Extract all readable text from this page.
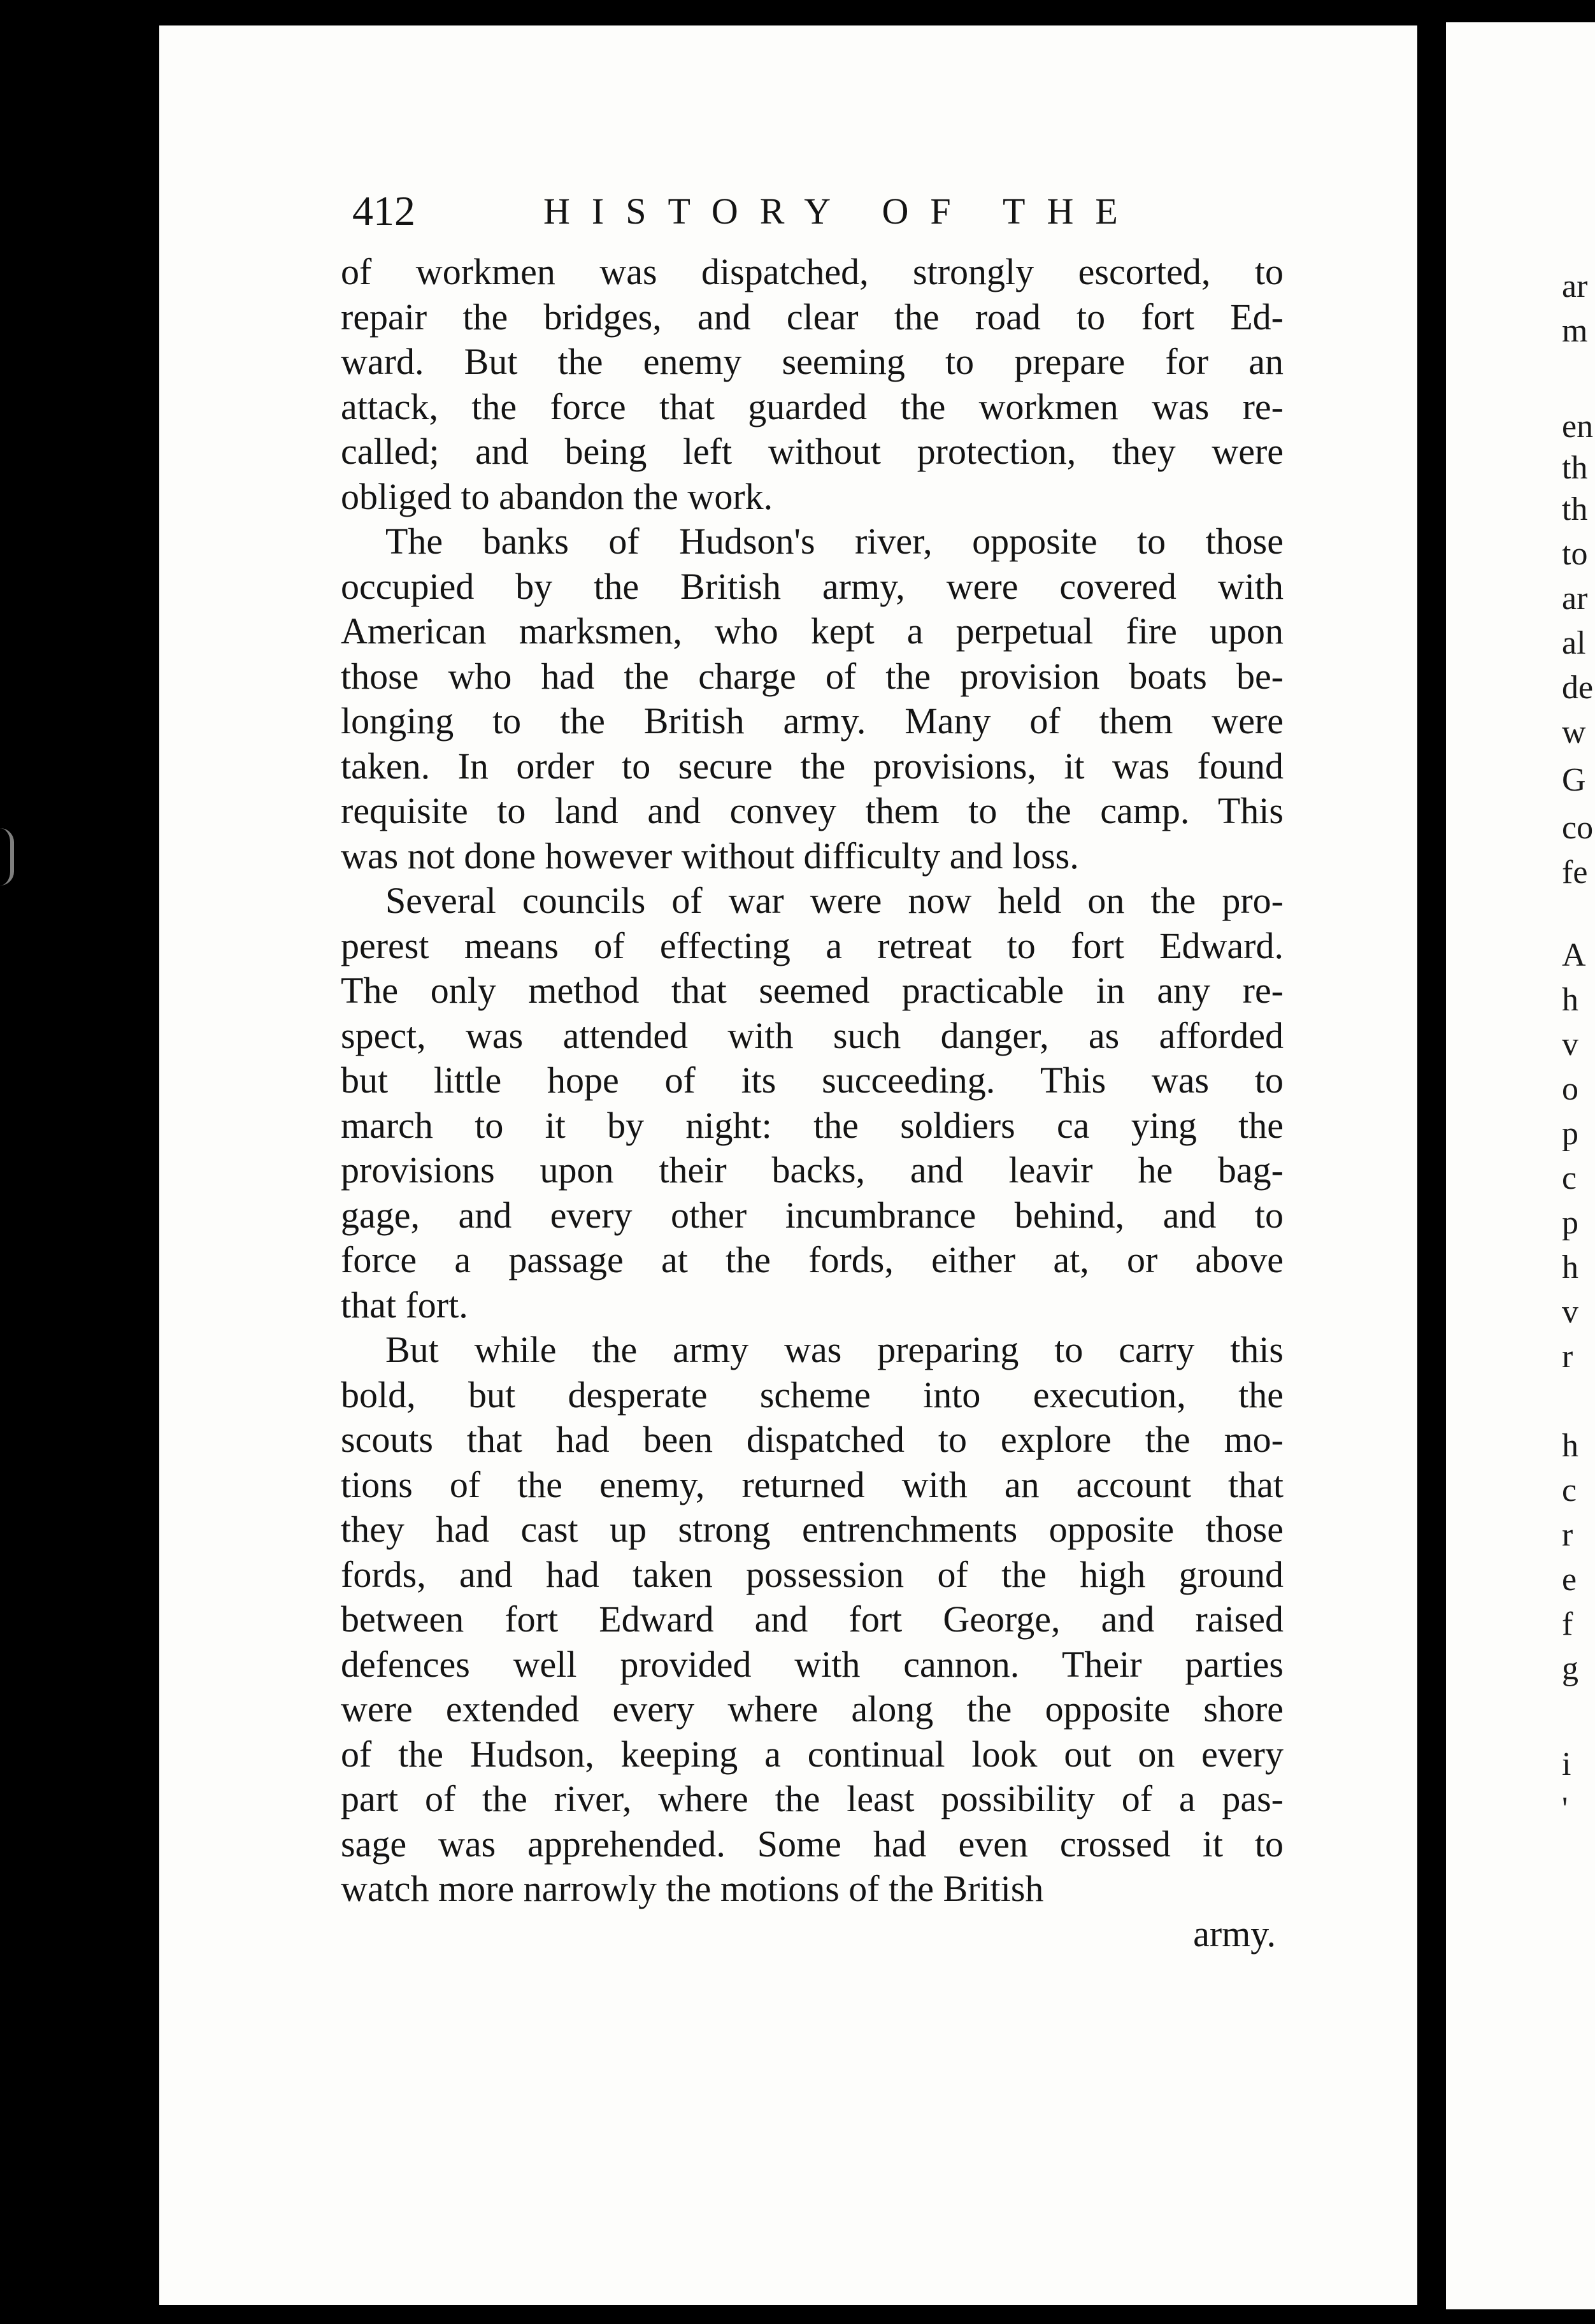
412	HISTORY OF THE
of workmen was dispatched, strongly escorted, to
repair the bridges, and clear the road to fort Ed-
ward. But the enemy seeming to prepare for an
attack, the force that guarded the workmen was re-
called; and being left without protection, they were
obliged to abandon the work.
The banks of Hudson's river, opposite to those
occupied by the British army, were covered with
American marksmen, who kept a perpetual fire upon
those who had the charge of the provision boats be-
longing to the British army. Many of them were
taken. In order to secure the provisions, it was found
requisite to land and convey them to the camp. This
was not done however without difficulty and loss.
Several councils of war were now held on the pro-
perest means of effecting a retreat to fort Edward.
The only method that seemed practicable in any re-
spect, was attended with such danger, as afforded
but little hope of its succeeding. This was to
march to it by night: the soldiers ca ying the
provisions upon their backs, and leavir he bag-
gage, and every other incumbrance behind, and to
force a passage at the fords, either at, or above
that fort.
But while the army was preparing to carry this
bold, but desperate scheme into execution, the
scouts that had been dispatched to explore the mo-
tions of the enemy, returned with an account that
they had cast up strong entrenchments opposite those
fords, and had taken possession of the high ground
between fort Edward and fort George, and raised
defences well provided with cannon. Their parties
were extended every where along the opposite shore
of the Hudson, keeping a continual look out on every
part of the river, where the least possibility of a pas-
sage was apprehended. Some had even crossed it to
watch more narrowly the motions of the British
army.
ar
m
en
th
th
to
ar
al
de
w
G
co
fe
A
h
v
o
p
c
p
h
v
r
h
c
r
e
f
g
i
'
